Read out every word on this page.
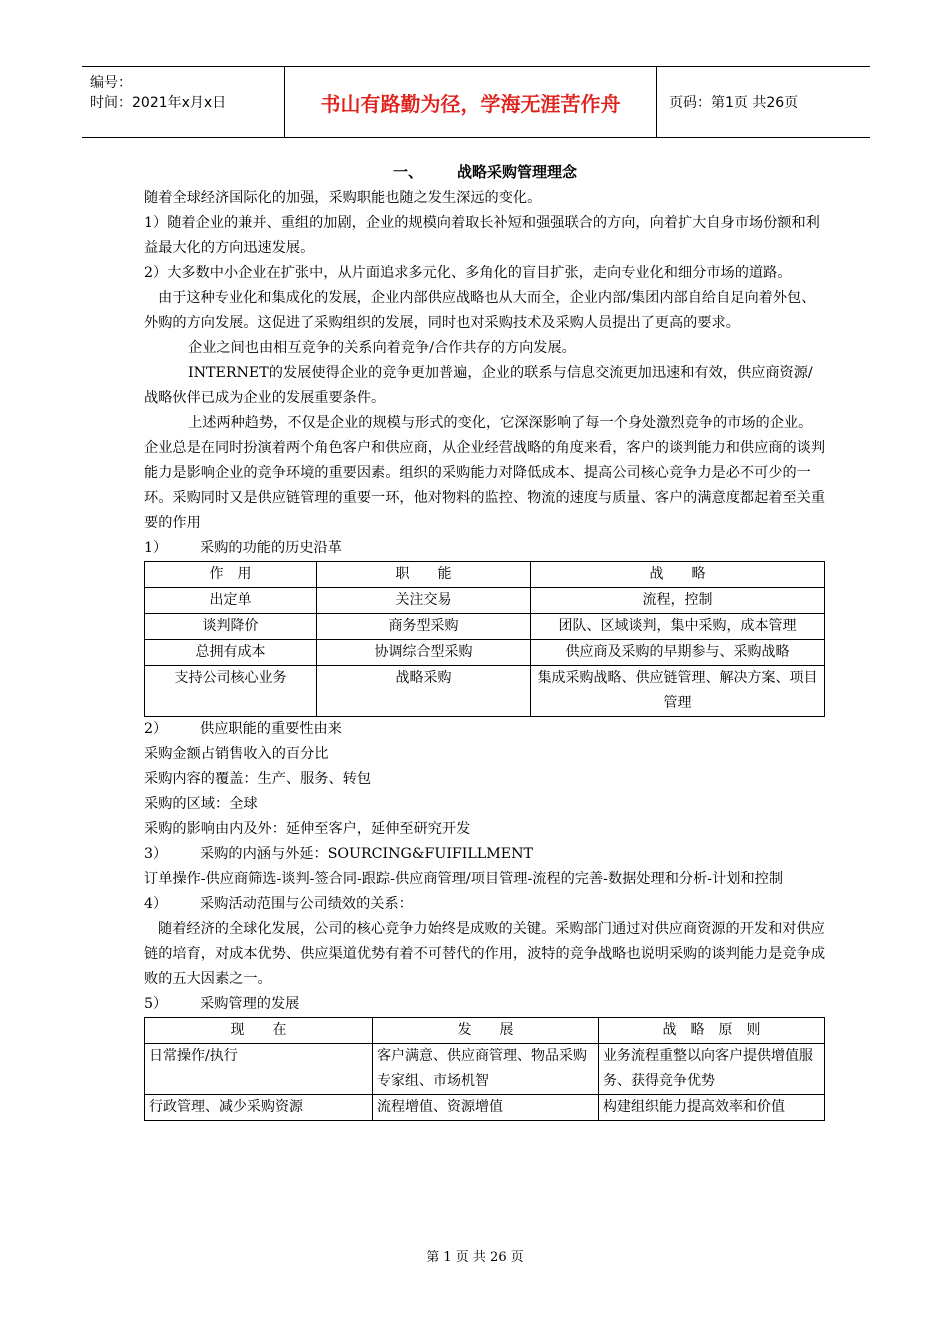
编号：
时间：2021年x月x日	书山有路勤为径，学海无涯苦作舟	页码：第1页 共26页
一、 战略采购管理理念

随着全球经济国际化的加强，采购职能也随之发生深远的变化。

1）随着企业的兼并、重组的加剧，企业的规模向着取长补短和强强联合的方向，向着扩大自身市场份额和利益最大化的方向迅速发展。

2）大多数中小企业在扩张中，从片面追求多元化、多角化的盲目扩张，走向专业化和细分市场的道路。

由于这种专业化和集成化的发展，企业内部供应战略也从大而全，企业内部/集团内部自给自足向着外包、外购的方向发展。这促进了采购组织的发展，同时也对采购技术及采购人员提出了更高的要求。

企业之间也由相互竞争的关系向着竞争/合作共存的方向发展。

INTERNET的发展使得企业的竞争更加普遍，企业的联系与信息交流更加迅速和有效，供应商资源/战略伙伴已成为企业的发展重要条件。

上述两种趋势，不仅是企业的规模与形式的变化，它深深影响了每一个身处激烈竞争的市场的企业。企业总是在同时扮演着两个角色客户和供应商，从企业经营战略的角度来看，客户的谈判能力和供应商的谈判能力是影响企业的竞争环境的重要因素。组织的采购能力对降低成本、提高公司核心竞争力是必不可少的一环。采购同时又是供应链管理的重要一环，他对物料的监控、物流的速度与质量、客户的满意度都起着至关重要的作用

1）	采购的功能的历史沿革
作　用	职　　能	战　　略
出定单	关注交易	流程，控制
谈判降价	商务型采购	团队、区域谈判，集中采购，成本管理
总拥有成本	协调综合型采购	供应商及采购的早期参与、采购战略
支持公司核心业务	战略采购	集成采购战略、供应链管理、解决方案、项目管理
2）	供应职能的重要性由来

采购金额占销售收入的百分比

采购内容的覆盖：生产、服务、转包

采购的区域：全球

采购的影响由内及外：延伸至客户，延伸至研究开发

3）	采购的内涵与外延：SOURCING&FUIFILLMENT

订单操作-供应商筛选-谈判-签合同-跟踪-供应商管理/项目管理-流程的完善-数据处理和分析-计划和控制

4）	采购活动范围与公司绩效的关系：

随着经济的全球化发展，公司的核心竞争力始终是成败的关键。采购部门通过对供应商资源的开发和对供应链的培育，对成本优势、供应渠道优势有着不可替代的作用，波特的竞争战略也说明采购的谈判能力是竞争成败的五大因素之一。

5）	采购管理的发展
现　　在	发　　展	战　略　原　则
日常操作/执行	客户满意、供应商管理、物品采购专家组、市场机智	业务流程重整以向客户提供增值服务、获得竞争优势
行政管理、减少采购资源	流程增值、资源增值	构建组织能力提高效率和价值
第 1 页 共 26 页
